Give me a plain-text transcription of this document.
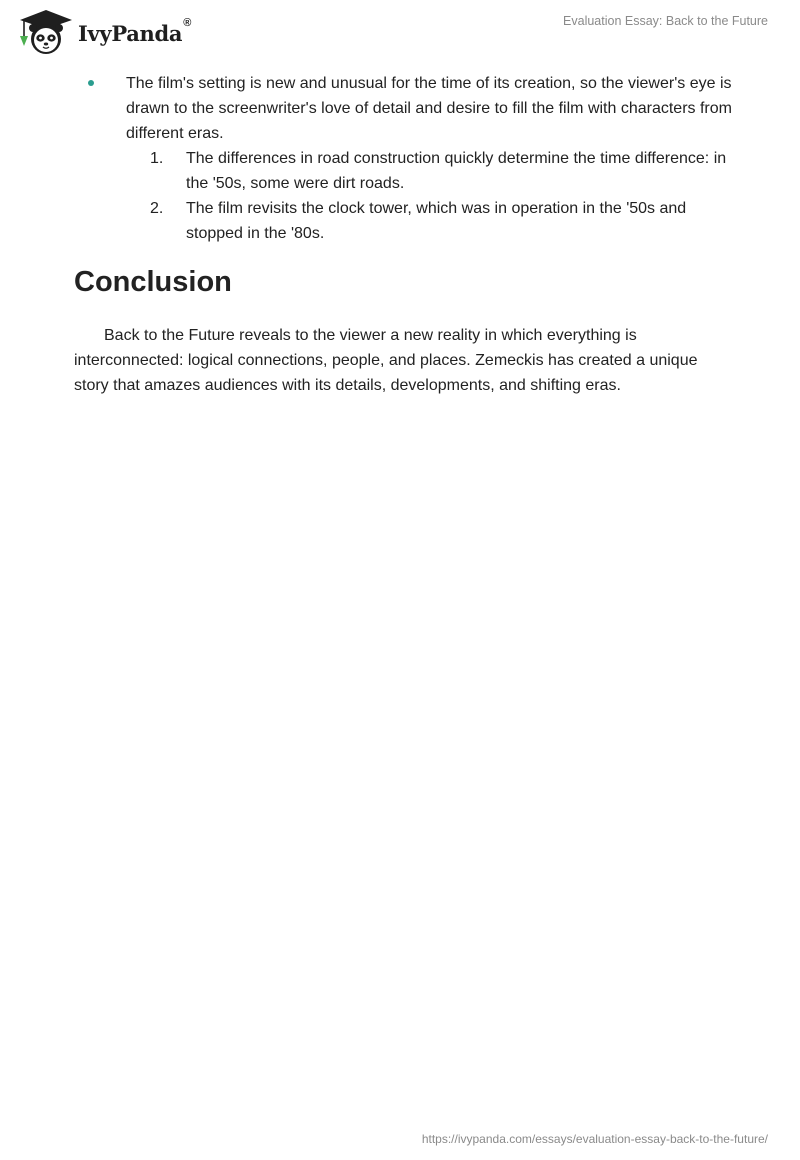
IvyPanda ®	Evaluation Essay: Back to the Future
The film's setting is new and unusual for the time of its creation, so the viewer's eye is drawn to the screenwriter's love of detail and desire to fill the film with characters from different eras.
1. The differences in road construction quickly determine the time difference: in the '50s, some were dirt roads.
2. The film revisits the clock tower, which was in operation in the '50s and stopped in the '80s.
Conclusion

Back to the Future reveals to the viewer a new reality in which everything is interconnected: logical connections, people, and places. Zemeckis has created a unique story that amazes audiences with its details, developments, and shifting eras.

https://ivypanda.com/essays/evaluation-essay-back-to-the-future/
